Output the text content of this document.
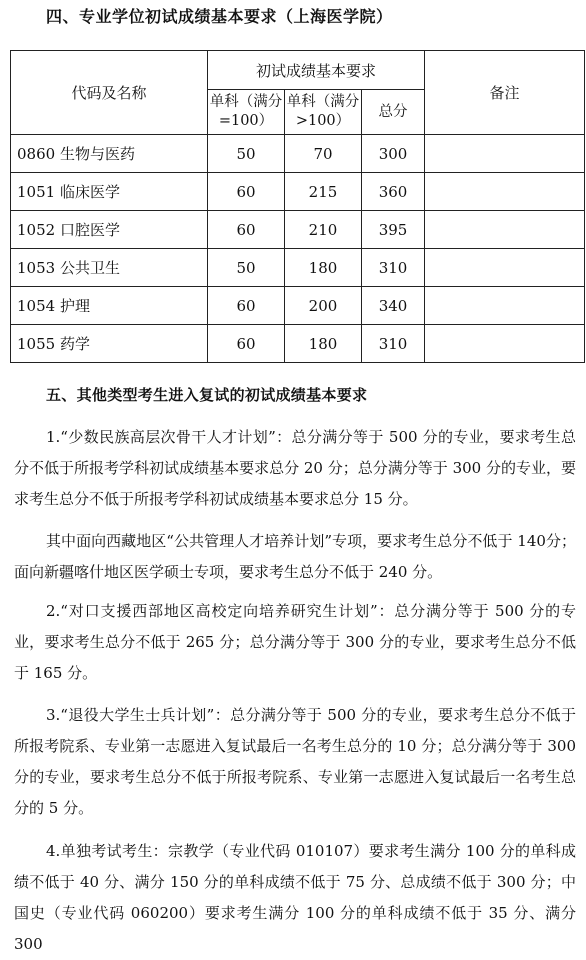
四、专业学位初试成绩基本要求（上海医学院）
代码及名称	初试成绩基本要求			备注
	单科（满分=100）	单科（满分>100）	总分	
0860 生物与医药	50	70	300	
1051 临床医学	60	215	360	
1052 口腔医学	60	210	395	
1053 公共卫生	50	180	310	
1054 护理	60	200	340	
1055 药学	60	180	310	
五、其他类型考生进入复试的初试成绩基本要求

1.“少数民族高层次骨干人才计划”：总分满分等于 500 分的专业，要求考生总分不低于所报考学科初试成绩基本要求总分 20 分；总分满分等于 300 分的专业，要求考生总分不低于所报考学科初试成绩基本要求总分 15 分。

其中面向西藏地区“公共管理人才培养计划”专项，要求考生总分不低于 140分；面向新疆喀什地区医学硕士专项，要求考生总分不低于 240 分。

2.“对口支援西部地区高校定向培养研究生计划”：总分满分等于 500 分的专业，要求考生总分不低于 265 分；总分满分等于 300 分的专业，要求考生总分不低于 165 分。

3.“退役大学生士兵计划”：总分满分等于 500 分的专业，要求考生总分不低于所报考院系、专业第一志愿进入复试最后一名考生总分的 10 分；总分满分等于 300 分的专业，要求考生总分不低于所报考院系、专业第一志愿进入复试最后一名考生总分的 5 分。

4.单独考试考生：宗教学（专业代码 010107）要求考生满分 100 分的单科成绩不低于 40 分、满分 150 分的单科成绩不低于 75 分、总成绩不低于 300 分；中国史（专业代码 060200）要求考生满分 100 分的单科成绩不低于 35 分、满分 300
